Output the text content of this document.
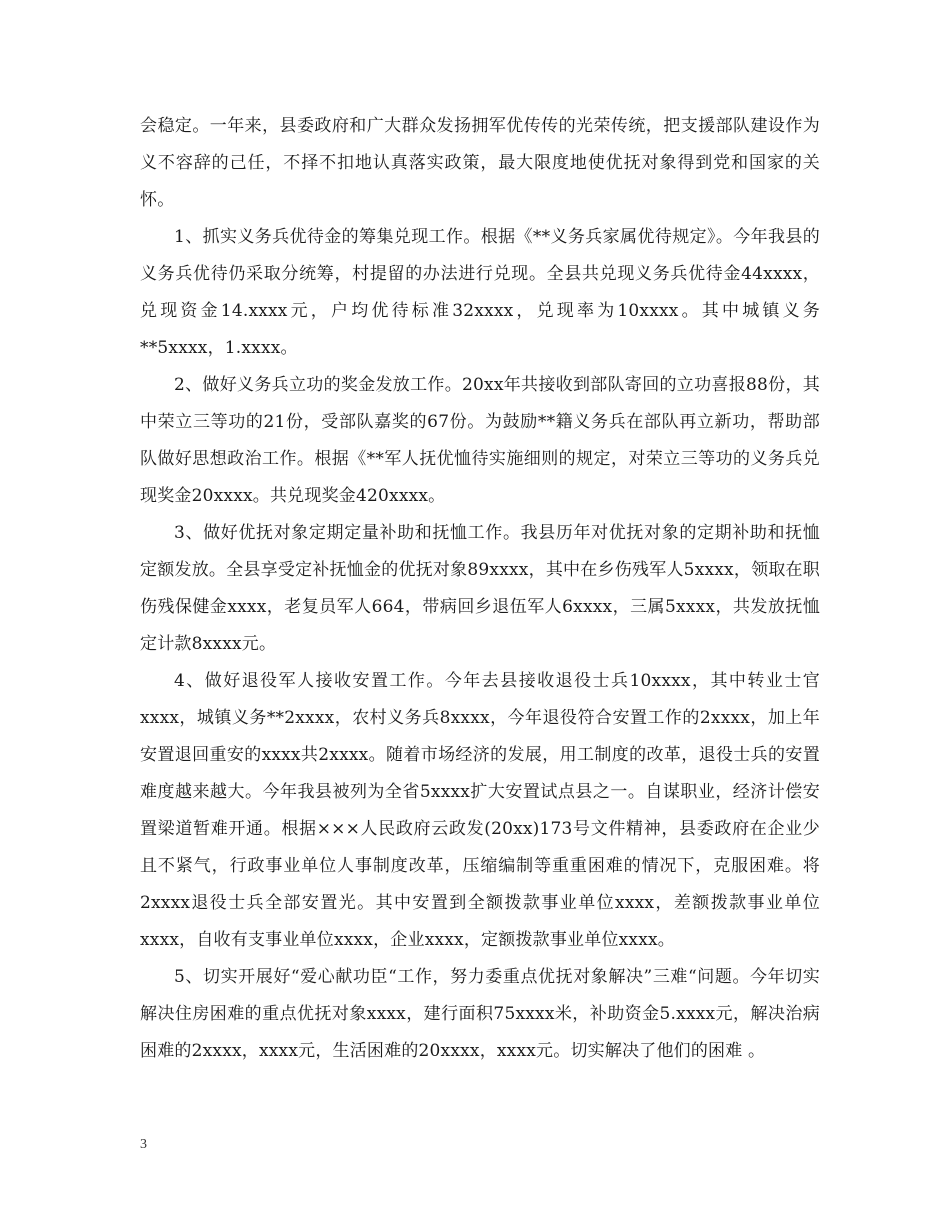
会稳定。一年来，县委政府和广大群众发扬拥军优传传的光荣传统，把支援部队建设作为义不容辞的己任，不择不扣地认真落实政策，最大限度地使优抚对象得到党和国家的关怀。

1、抓实义务兵优待金的筹集兑现工作。根据《**义务兵家属优待规定》。今年我县的义务兵优待仍采取分统筹，村提留的办法进行兑现。全县共兑现义务兵优待金44xxxx，兑现资金14.xxxx元，户均优待标准32xxxx，兑现率为10xxxx。其中城镇义务**5xxxx，1.xxxx。

2、做好义务兵立功的奖金发放工作。20xx年共接收到部队寄回的立功喜报88份，其中荣立三等功的21份，受部队嘉奖的67份。为鼓励**籍义务兵在部队再立新功，帮助部队做好思想政治工作。根据《**军人抚优恤待实施细则的规定，对荣立三等功的义务兵兑现奖金20xxxx。共兑现奖金420xxxx。

3、做好优抚对象定期定量补助和抚恤工作。我县历年对优抚对象的定期补助和抚恤定额发放。全县享受定补抚恤金的优抚对象89xxxx，其中在乡伤残军人5xxxx，领取在职伤残保健金xxxx，老复员军人664，带病回乡退伍军人6xxxx，三属5xxxx，共发放抚恤定计款8xxxx元。

4、做好退役军人接收安置工作。今年去县接收退役士兵10xxxx，其中转业士官xxxx，城镇义务**2xxxx，农村义务兵8xxxx，今年退役符合安置工作的2xxxx，加上年安置退回重安的xxxx共2xxxx。随着市场经济的发展，用工制度的改革，退役士兵的安置难度越来越大。今年我县被列为全省5xxxx扩大安置试点县之一。自谋职业，经济计偿安置梁道暂难开通。根据×××人民政府云政发(20xx)173号文件精神，县委政府在企业少且不紧气，行政事业单位人事制度改革，压缩编制等重重困难的情况下，克服困难。将2xxxx退役士兵全部安置光。其中安置到全额拨款事业单位xxxx，差额拨款事业单位xxxx，自收有支事业单位xxxx，企业xxxx，定额拨款事业单位xxxx。

5、切实开展好“爱心献功臣“工作，努力委重点优抚对象解决”三难“问题。今年切实解决住房困难的重点优抚对象xxxx，建行面积75xxxx米，补助资金5.xxxx元，解决治病困难的2xxxx，xxxx元，生活困难的20xxxx，xxxx元。切实解决了他们的困难 。

3
